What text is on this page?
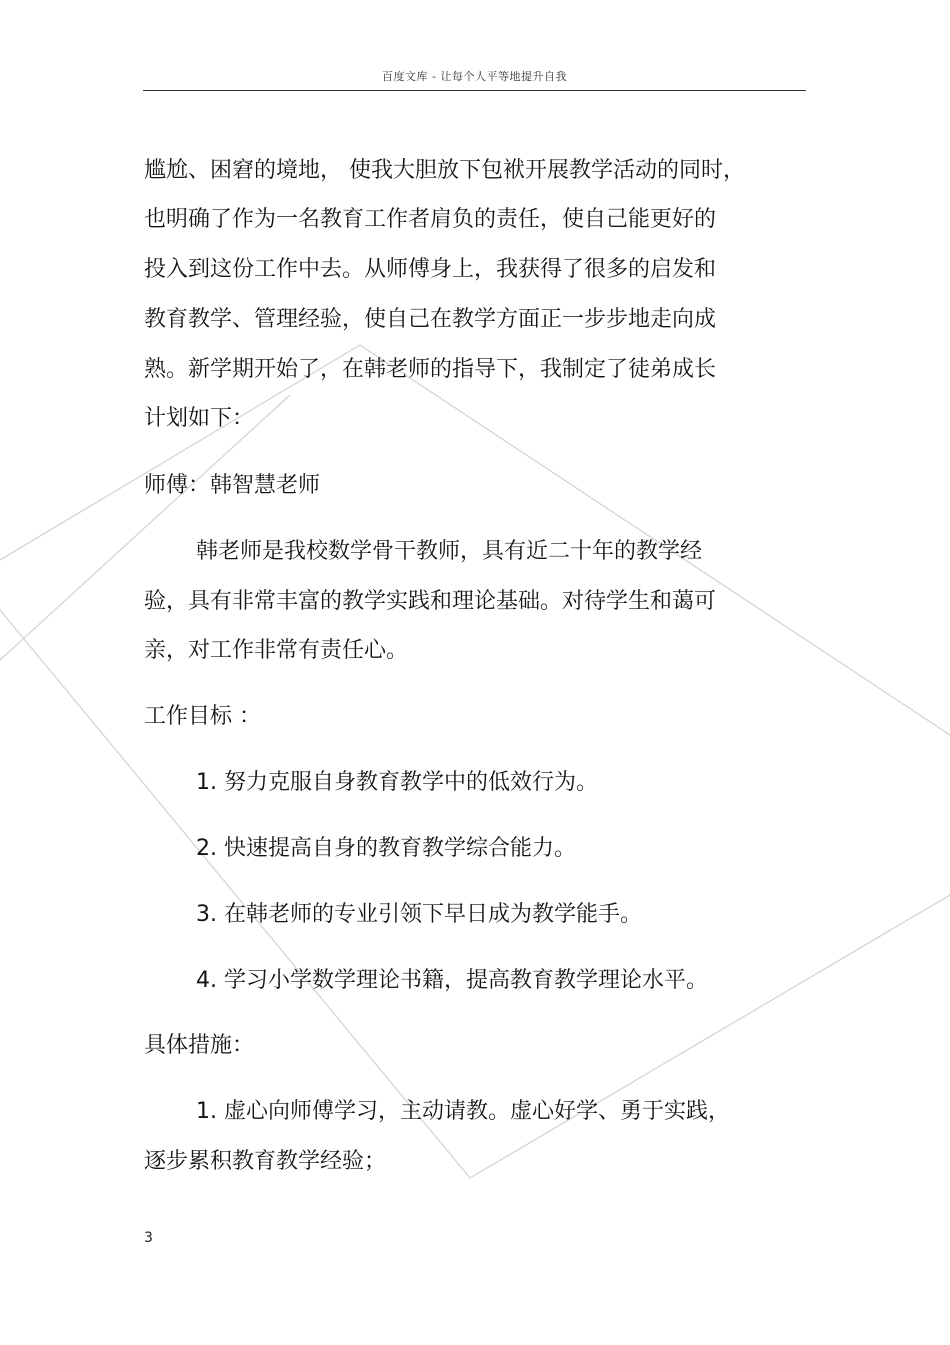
百度文库 - 让每个人平等地提升自我
尴尬、困窘的境地， 使我大胆放下包袱开展教学活动的同时，
也明确了作为一名教育工作者肩负的责任，使自己能更好的
投入到这份工作中去。从师傅身上，我获得了很多的启发和
教育教学、管理经验，使自己在教学方面正一步步地走向成
熟。新学期开始了，在韩老师的指导下，我制定了徒弟成长
计划如下：
师傅：韩智慧老师
韩老师是我校数学骨干教师，具有近二十年的教学经
验，具有非常丰富的教学实践和理论基础。对待学生和蔼可
亲，对工作非常有责任心。
工作目标 ：
1. 努力克服自身教育教学中的低效行为。
2. 快速提高自身的教育教学综合能力。
3. 在韩老师的专业引领下早日成为教学能手。
4. 学习小学数学理论书籍，提高教育教学理论水平。
具体措施：
1. 虚心向师傅学习，主动请教。虚心好学、勇于实践，
逐步累积教育教学经验；
3
